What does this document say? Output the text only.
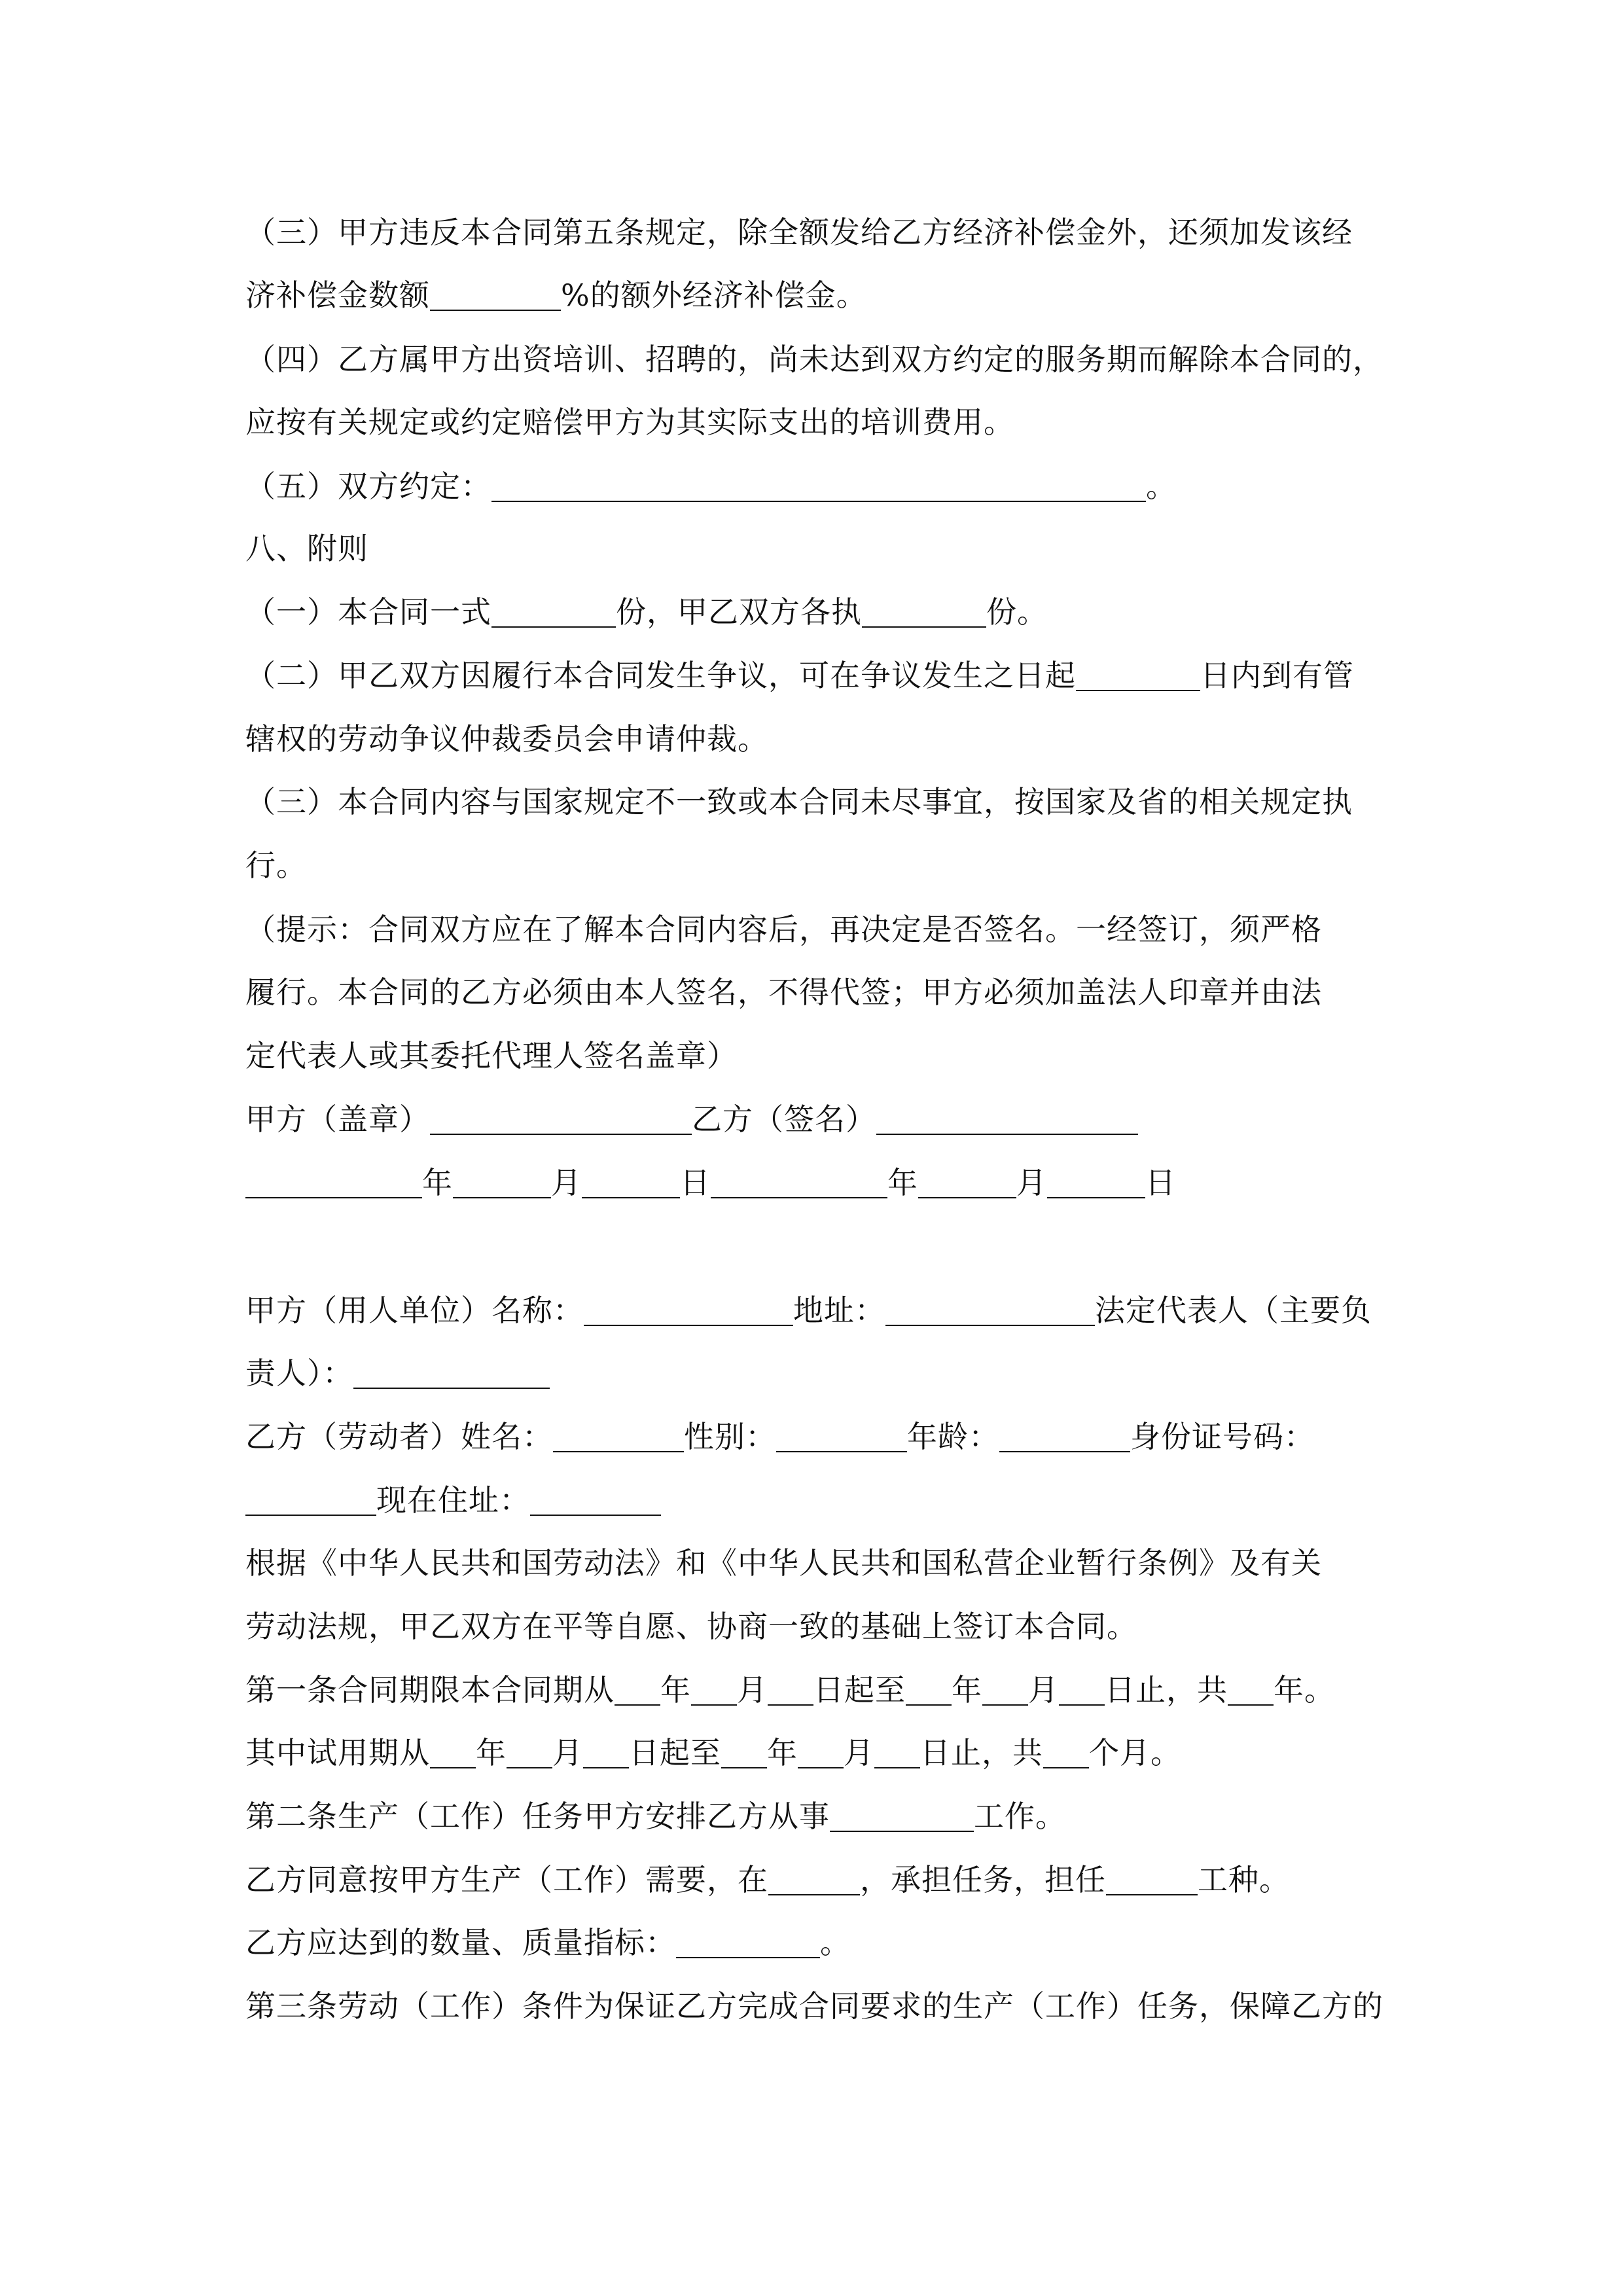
（三）甲方违反本合同第五条规定，除全额发给乙方经济补偿金外，还须加发该经
济补偿金数额	%的额外经济补偿金。
（四）乙方属甲方出资培训、招聘的，尚未达到双方约定的服务期而解除本合同的，
应按有关规定或约定赔偿甲方为其实际支出的培训费用。
（五）双方约定：	。
八、附则
（一）本合同一式	份，甲乙双方各执	份。
（二）甲乙双方因履行本合同发生争议，可在争议发生之日起	日内到有管
辖权的劳动争议仲裁委员会申请仲裁。
（三）本合同内容与国家规定不一致或本合同未尽事宜，按国家及省的相关规定执
行。
（提示：合同双方应在了解本合同内容后，再决定是否签名。一经签订，须严格
履行。本合同的乙方必须由本人签名，不得代签；甲方必须加盖法人印章并由法
定代表人或其委托代理人签名盖章）
甲方（盖章）	乙方（签名）
年	月	日	年	月	日
甲方（用人单位）名称：	地址：	法定代表人（主要负
责人）：
乙方（劳动者）姓名：	性别：	年龄：	身份证号码：
现在住址：
根据《中华人民共和国劳动法》和《中华人民共和国私营企业暂行条例》及有关
劳动法规，甲乙双方在平等自愿、协商一致的基础上签订本合同。
第一条合同期限本合同期从 年 月 日起至 年 月 日止，共 年。
其中试用期从 年 月 日起至 年 月 日止，共 个月。
第二条生产（工作）任务甲方安排乙方从事	工作。
乙方同意按甲方生产（工作）需要，在	，承担任务，担任	工种。
乙方应达到的数量、质量指标：	。
第三条劳动（工作）条件为保证乙方完成合同要求的生产（工作）任务，保障乙方的
